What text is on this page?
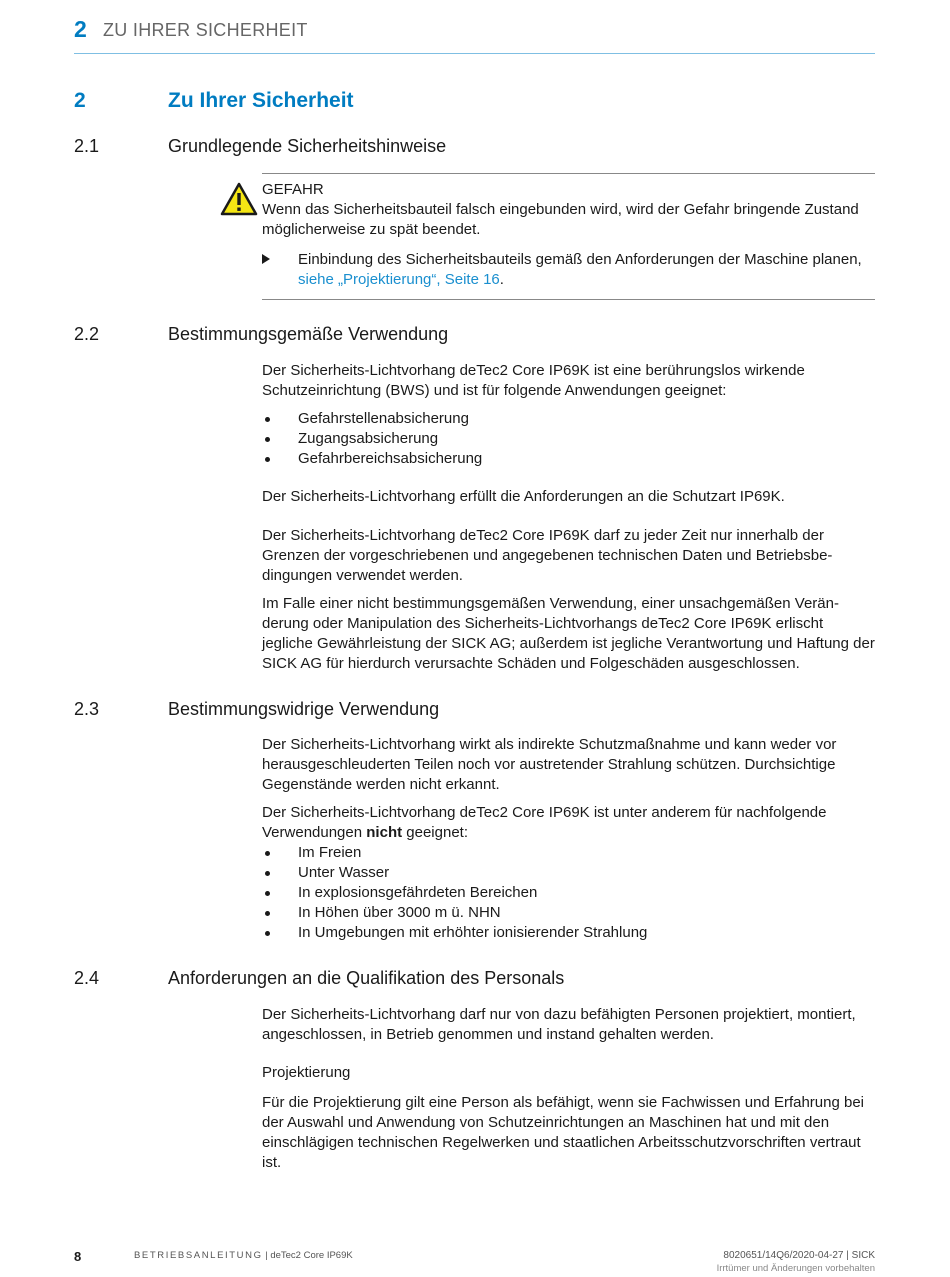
2 ZU IHRER SICHERHEIT
2	Zu Ihrer Sicherheit
2.1	Grundlegende Sicherheitshinweise
GEFAHR
Wenn das Sicherheitsbauteil falsch eingebunden wird, wird der Gefahr bringende Zustand möglicherweise zu spät beendet.
Einbindung des Sicherheitsbauteils gemäß den Anforderungen der Maschine planen, siehe „Projektierung“, Seite 16.
2.2	Bestimmungsgemäße Verwendung
Der Sicherheits-Lichtvorhang deTec2 Core IP69K ist eine berührungslos wirkende Schutzeinrichtung (BWS) und ist für folgende Anwendungen geeignet:
Gefahrstellenabsicherung
Zugangsabsicherung
Gefahrbereichsabsicherung
Der Sicherheits-Lichtvorhang erfüllt die Anforderungen an die Schutzart IP69K.
Der Sicherheits-Lichtvorhang deTec2 Core IP69K darf zu jeder Zeit nur innerhalb der Grenzen der vorgeschriebenen und angegebenen technischen Daten und Betriebsbedingungen verwendet werden.
Im Falle einer nicht bestimmungsgemäßen Verwendung, einer unsachgemäßen Veränderung oder Manipulation des Sicherheits-Lichtvorhangs deTec2 Core IP69K erlischt jegliche Gewährleistung der SICK AG; außerdem ist jegliche Verantwortung und Haftung der SICK AG für hierdurch verursachte Schäden und Folgeschäden ausgeschlossen.
2.3	Bestimmungswidrige Verwendung
Der Sicherheits-Lichtvorhang wirkt als indirekte Schutzmaßnahme und kann weder vor herausgeschleuderten Teilen noch vor austretender Strahlung schützen. Durchsichtige Gegenstände werden nicht erkannt.
Der Sicherheits-Lichtvorhang deTec2 Core IP69K ist unter anderem für nachfolgende Verwendungen nicht geeignet:
Im Freien
Unter Wasser
In explosionsgefährdeten Bereichen
In Höhen über 3000 m ü. NHN
In Umgebungen mit erhöhter ionisierender Strahlung
2.4	Anforderungen an die Qualifikation des Personals
Der Sicherheits-Lichtvorhang darf nur von dazu befähigten Personen projektiert, montiert, angeschlossen, in Betrieb genommen und instand gehalten werden.
Projektierung
Für die Projektierung gilt eine Person als befähigt, wenn sie Fachwissen und Erfahrung bei der Auswahl und Anwendung von Schutzeinrichtungen an Maschinen hat und mit den einschlägigen technischen Regelwerken und staatlichen Arbeitsschutzvorschriften vertraut ist.
8	BETRIEBSANLEITUNG | deTec2 Core IP69K	8020651/14Q6/2020-04-27 | SICK
Irrtümer und Änderungen vorbehalten
